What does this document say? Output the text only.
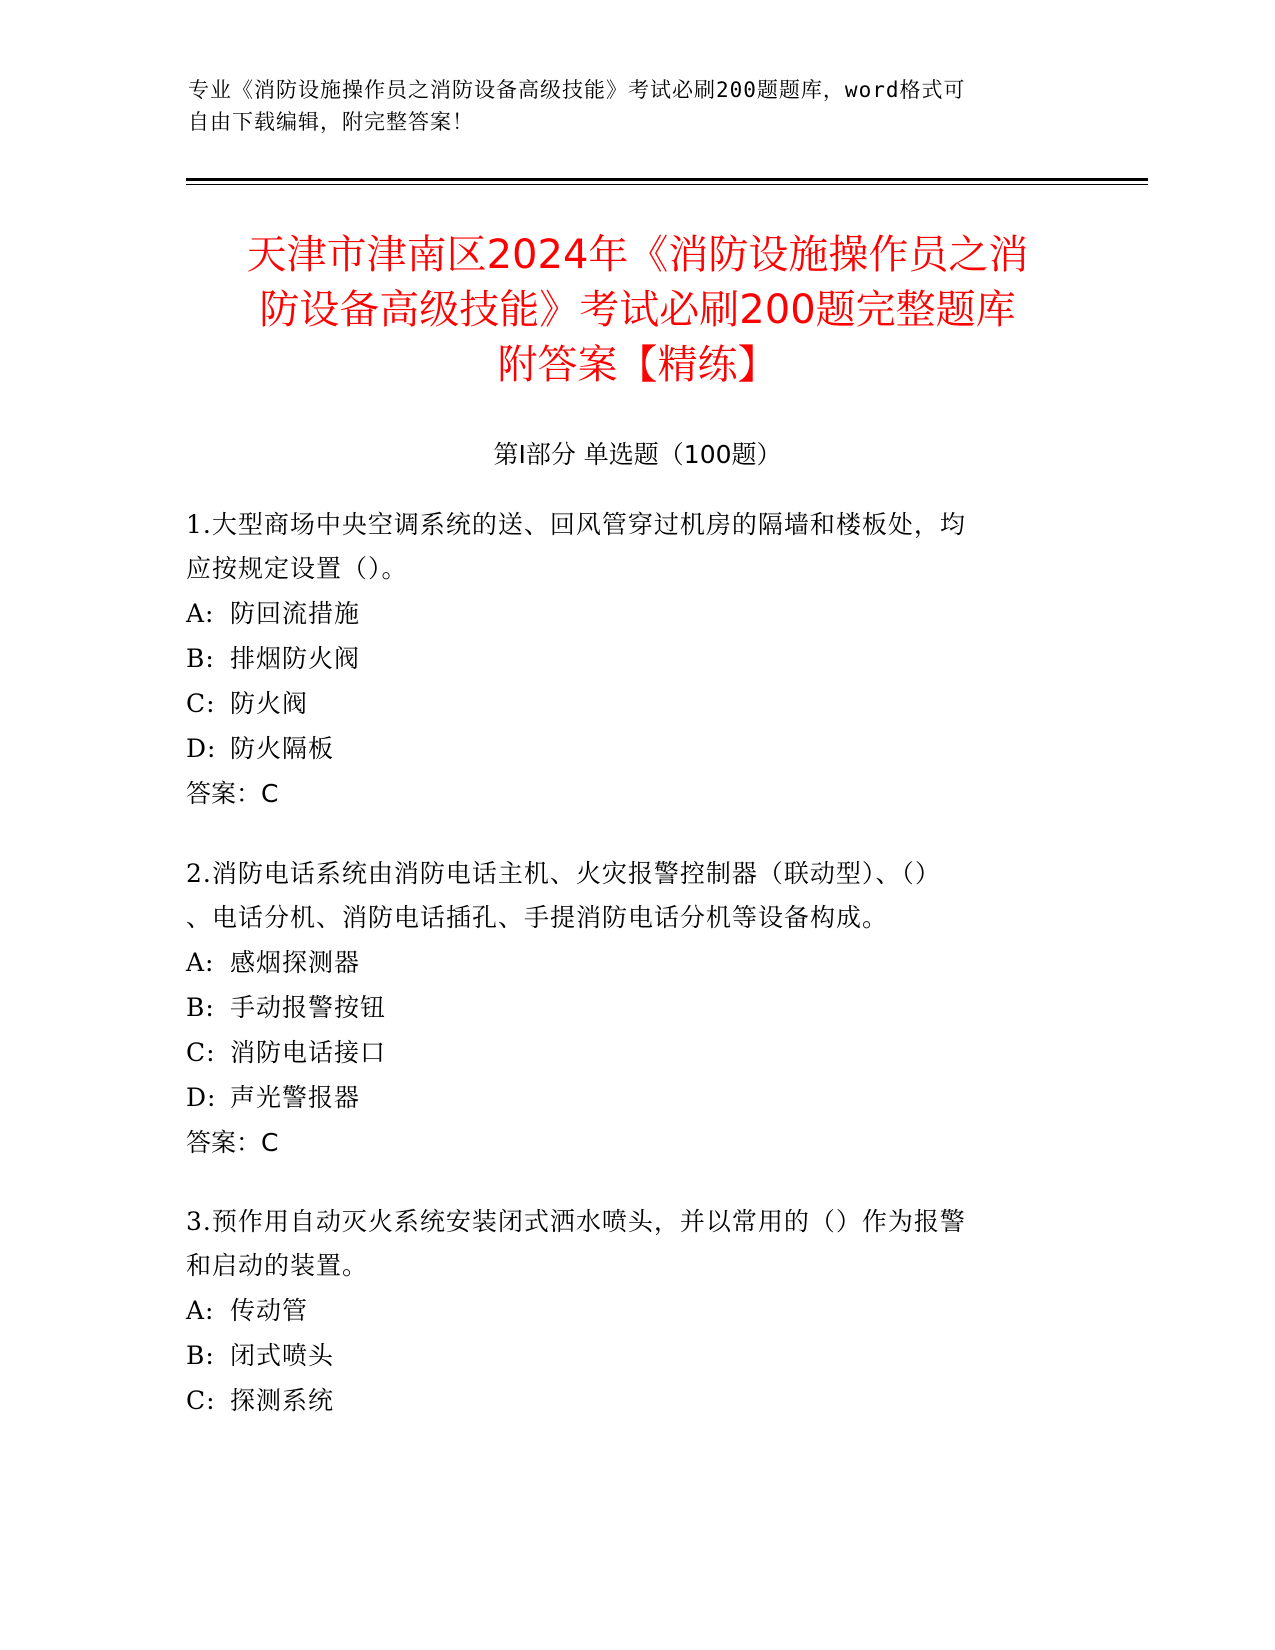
专业《消防设施操作员之消防设备高级技能》考试必刷200题题库，word格式可
自由下载编辑，附完整答案！
天津市津南区2024年《消防设施操作员之消
防设备高级技能》考试必刷200题完整题库
附答案【精练】
第I部分 单选题（100题）
1.大型商场中央空调系统的送、回风管穿过机房的隔墙和楼板处，均
应按规定设置（）。
A: 防回流措施
B: 排烟防火阀
C: 防火阀
D: 防火隔板
答案：C
2.消防电话系统由消防电话主机、火灾报警控制器（联动型）、（）
、电话分机、消防电话插孔、手提消防电话分机等设备构成。
A: 感烟探测器
B: 手动报警按钮
C: 消防电话接口
D: 声光警报器
答案：C
3.预作用自动灭火系统安装闭式洒水喷头，并以常用的（）作为报警
和启动的装置。
A: 传动管
B: 闭式喷头
C: 探测系统
